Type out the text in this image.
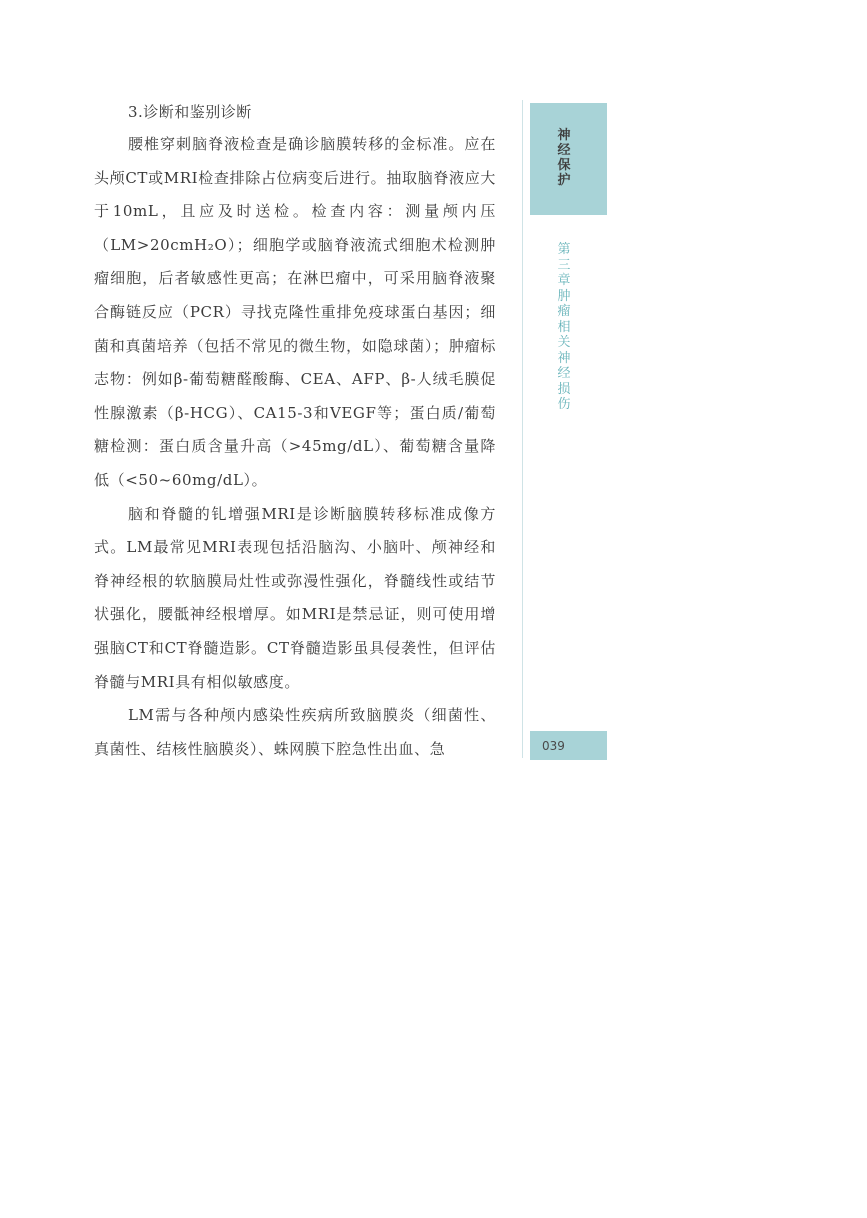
3.诊断和鉴别诊断

腰椎穿刺脑脊液检查是确诊脑膜转移的金标准。应在头颅CT或MRI检查排除占位病变后进行。抽取脑脊液应大于10mL，且应及时送检。检查内容：测量颅内压（LM>20cmH₂O）；细胞学或脑脊液流式细胞术检测肿瘤细胞，后者敏感性更高；在淋巴瘤中，可采用脑脊液聚合酶链反应（PCR）寻找克隆性重排免疫球蛋白基因；细菌和真菌培养（包括不常见的微生物，如隐球菌）；肿瘤标志物：例如β-葡萄糖醛酸酶、CEA、AFP、β-人绒毛膜促性腺激素（β-HCG）、CA15-3和VEGF等；蛋白质/葡萄糖检测：蛋白质含量升高（>45mg/dL）、葡萄糖含量降低（<50~60mg/dL）。

脑和脊髓的钆增强MRI是诊断脑膜转移标准成像方式。LM最常见MRI表现包括沿脑沟、小脑叶、颅神经和脊神经根的软脑膜局灶性或弥漫性强化，脊髓线性或结节状强化，腰骶神经根增厚。如MRI是禁忌证，则可使用增强脑CT和CT脊髓造影。CT脊髓造影虽具侵袭性，但评估脊髓与MRI具有相似敏感度。

LM需与各种颅内感染性疾病所致脑膜炎（细菌性、真菌性、结核性脑膜炎）、蛛网膜下腔急性出血、急

神经保护
第三章　肿瘤相关神经损伤
039
